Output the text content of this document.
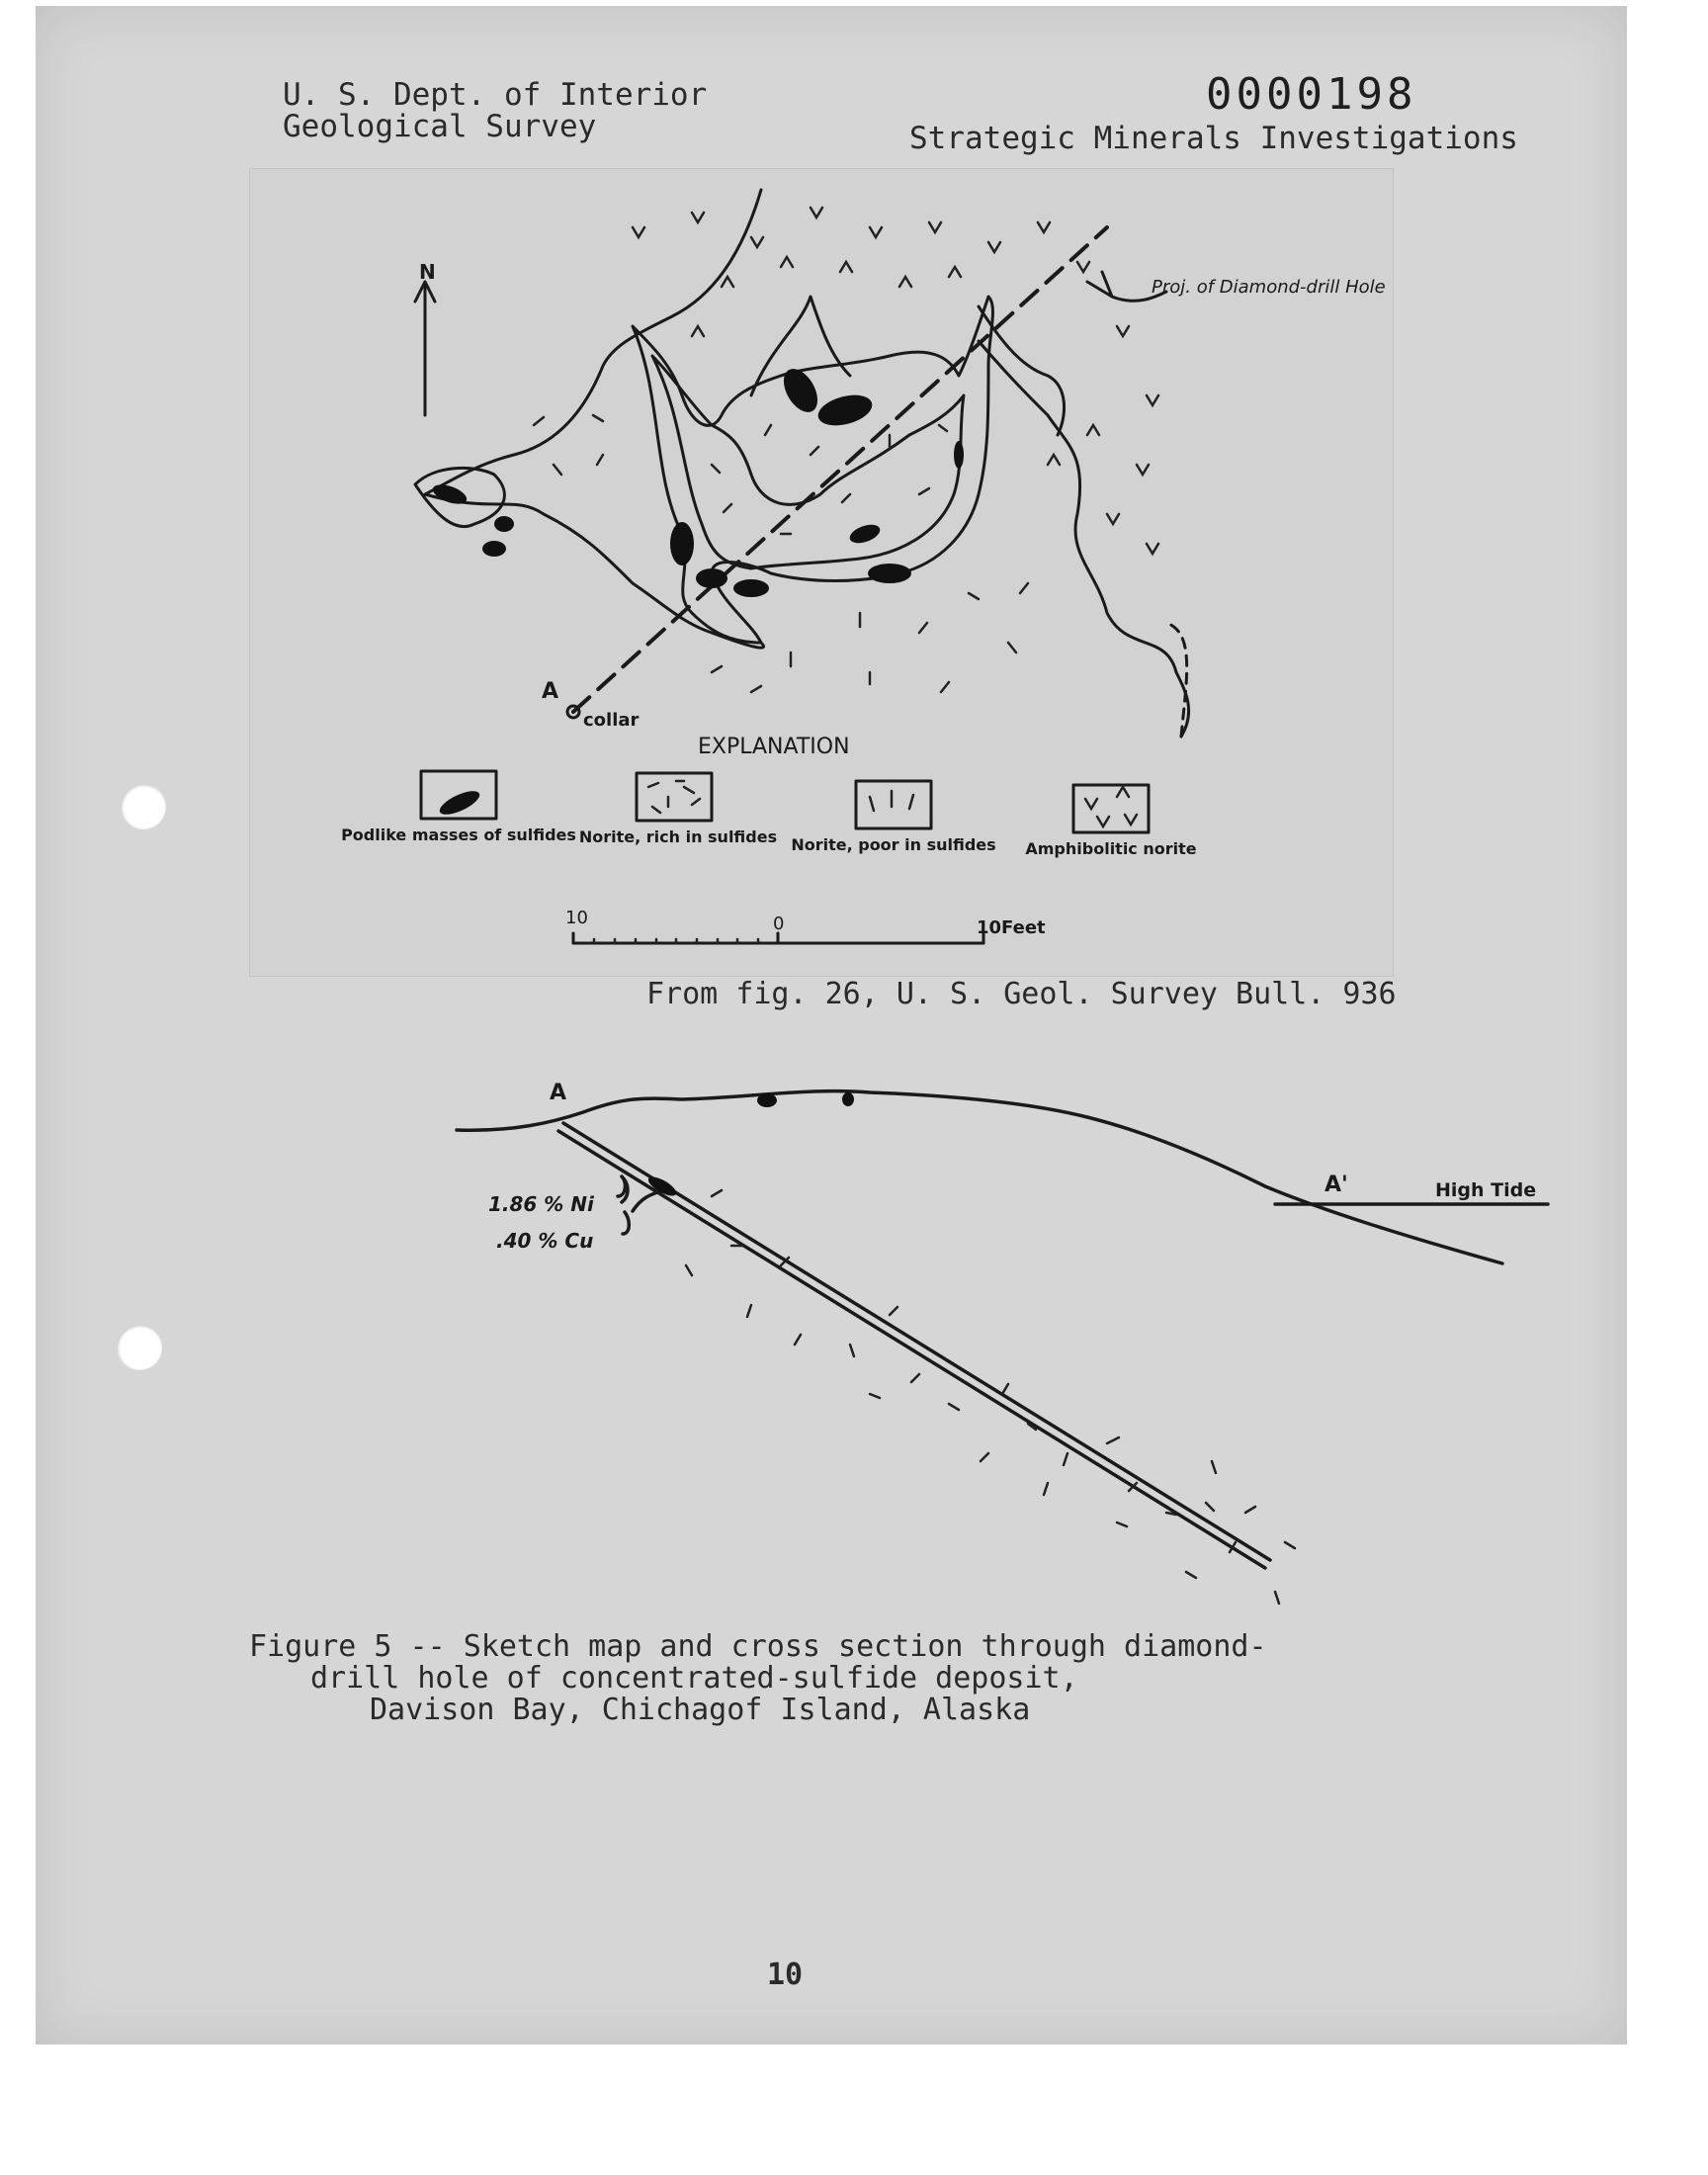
U. S. Dept. of Interior
Geological Survey
0000198
Strategic Minerals Investigations
N
Proj. of Diamond-drill Hole
A
collar
EXPLANATION
Podlike masses of sulfides Norite, rich in sulfides Norite, poor in sulfides Amphibolitic norite
10	0	10Feet
A
A'	High Tide
1.86 % Ni
.40 % Cu
From fig. 26, U. S. Geol. Survey Bull. 936
Figure 5 -- Sketch map and cross section through diamond-
drill hole of concentrated-sulfide deposit,
Davison Bay, Chichagof Island, Alaska
10
